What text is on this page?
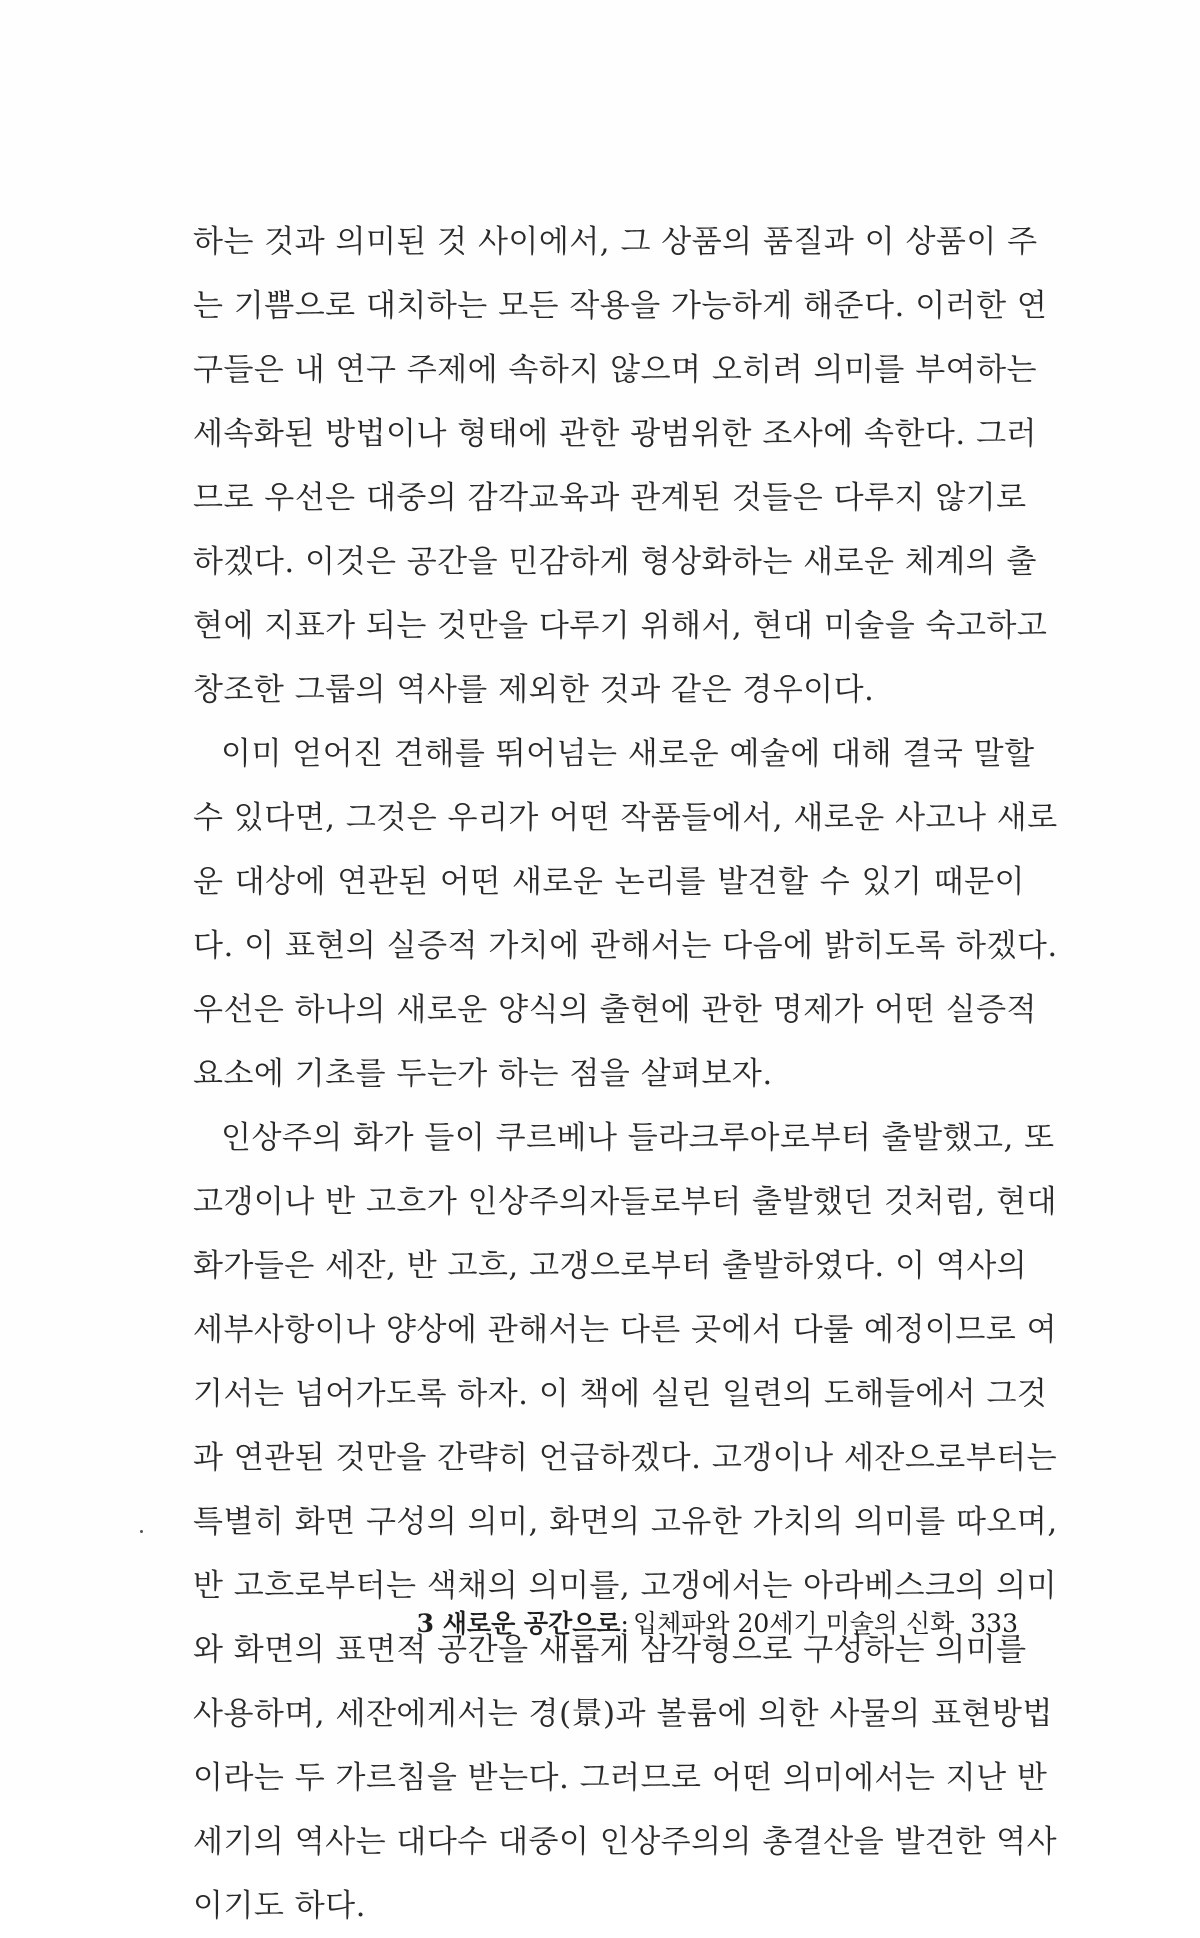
하는 것과 의미된 것 사이에서, 그 상품의 품질과 이 상품이 주
는 기쁨으로 대치하는 모든 작용을 가능하게 해준다. 이러한 연
구들은 내 연구 주제에 속하지 않으며 오히려 의미를 부여하는
세속화된 방법이나 형태에 관한 광범위한 조사에 속한다. 그러
므로 우선은 대중의 감각교육과 관계된 것들은 다루지 않기로
하겠다. 이것은 공간을 민감하게 형상화하는 새로운 체계의 출
현에 지표가 되는 것만을 다루기 위해서, 현대 미술을 숙고하고
창조한 그룹의 역사를 제외한 것과 같은 경우이다.
이미 얻어진 견해를 뛰어넘는 새로운 예술에 대해 결국 말할
수 있다면, 그것은 우리가 어떤 작품들에서, 새로운 사고나 새로
운 대상에 연관된 어떤 새로운 논리를 발견할 수 있기 때문이
다. 이 표현의 실증적 가치에 관해서는 다음에 밝히도록 하겠다.
우선은 하나의 새로운 양식의 출현에 관한 명제가 어떤 실증적
요소에 기초를 두는가 하는 점을 살펴보자.
인상주의 화가 들이 쿠르베나 들라크루아로부터 출발했고, 또
고갱이나 반 고흐가 인상주의자들로부터 출발했던 것처럼, 현대
화가들은 세잔, 반 고흐, 고갱으로부터 출발하였다. 이 역사의
세부사항이나 양상에 관해서는 다른 곳에서 다룰 예정이므로 여
기서는 넘어가도록 하자. 이 책에 실린 일련의 도해들에서 그것
과 연관된 것만을 간략히 언급하겠다. 고갱이나 세잔으로부터는
특별히 화면 구성의 의미, 화면의 고유한 가치의 의미를 따오며,
반 고흐로부터는 색채의 의미를, 고갱에서는 아라베스크의 의미
와 화면의 표면적 공간을 새롭게 삼각형으로 구성하는 의미를
사용하며, 세잔에게서는 경(景)과 볼륨에 의한 사물의 표현방법
이라는 두 가르침을 받는다. 그러므로 어떤 의미에서는 지난 반
세기의 역사는 대다수 대중이 인상주의의 총결산을 발견한 역사
이기도 하다.
3 새로운 공간으로: 입체파와 20세기 미술의 신화 333
